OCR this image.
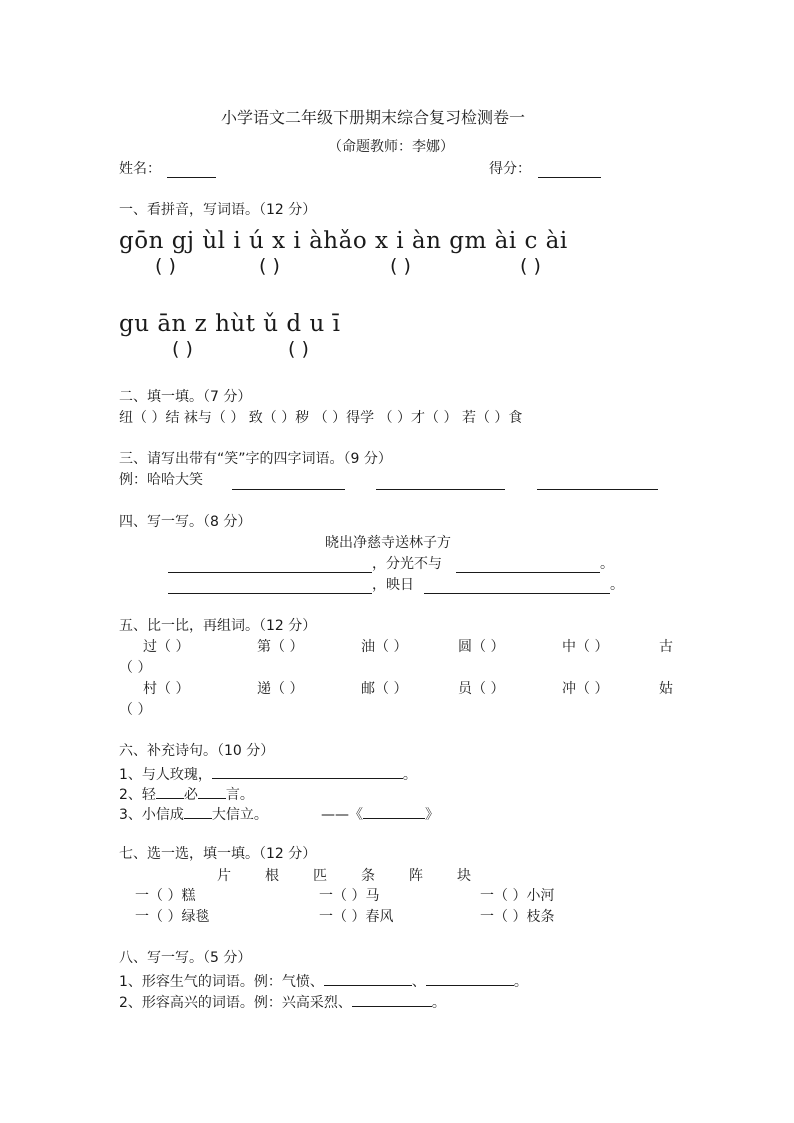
小学语文二年级下册期末综合复习检测卷一
（命题教师：李娜）
姓名：	得分：
一、看拼音，写词语。（12 分）
gōn gj ùl i ú x i àhǎo x i àn gm ài c ài
( )	( )	( )	( )
gu ān z hùt ǔ d u ī
( )	( )
二、填一填。（7 分）
纽（ ）结 袜与（ ） 致（ ）秽 （ ）得学 （ ）才（ ） 若（ ）食
三、请写出带有“笑”字的四字词语。（9 分）
例：哈哈大笑
四、写一写。（8 分）
晓出净慈寺送林子方
，分光不与	。
，映日	。
五、比一比，再组词。（12 分）
过（ ）	第（ ）	油（ ）	圆（ ）	中（ ）	古
（ ）
村（ ）	递（ ）	邮（ ）	员（ ）	冲（ ）	姑
（ ）
六、补充诗句。（10 分）
1、与人玫瑰，	。
2、轻 必 言。
3、小信成 大信立。	——《	》
七、选一选，填一填。（12 分）
片 根 匹 条 阵 块
一（ ）糕	一（ ）马	一（ ）小河
一（ ）绿毯	一（ ）春风	一（ ）枝条
八、写一写。（5 分）
1、形容生气的词语。例：气愤、	、	。
2、形容高兴的词语。例：兴高采烈、	。
